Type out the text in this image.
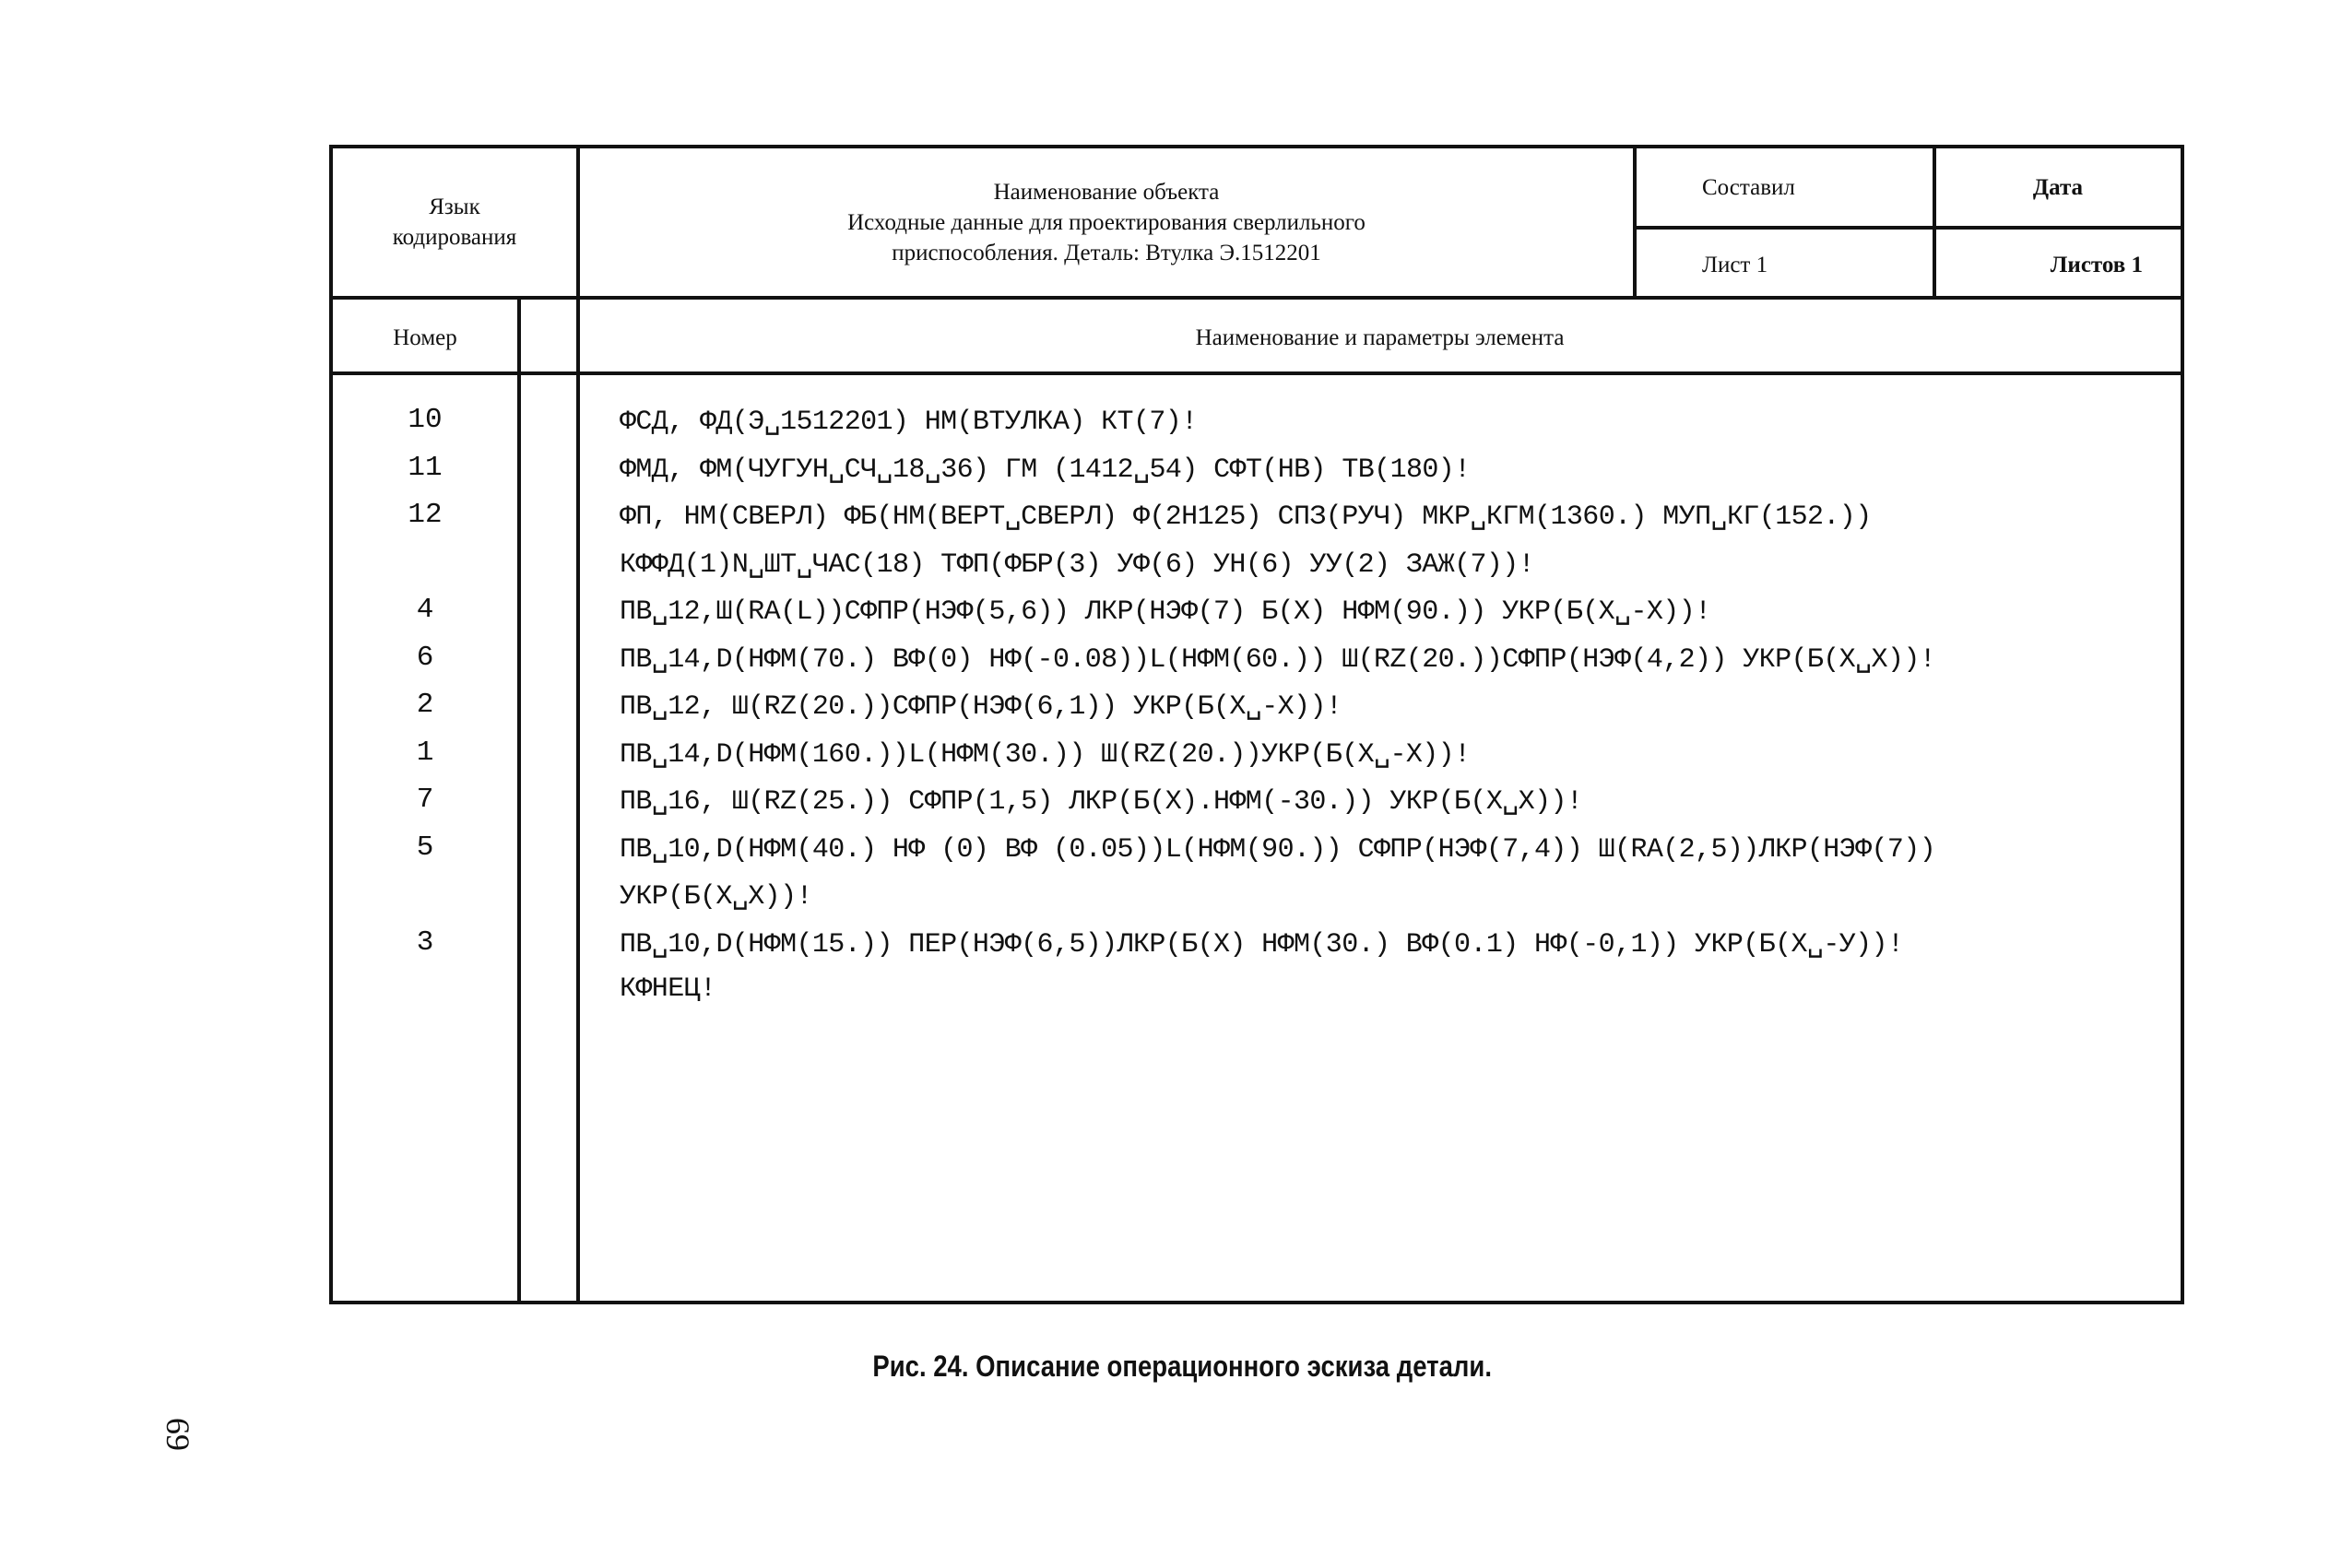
Язык
кодирования
Наименование объекта
Исходные данные для проектирования сверлильного
приспособления. Деталь: Втулка Э.1512201
Составил	Дата
Лист 1	Листов 1
Номер	Наименование и параметры элемента
10	ФСД, ФД(Э␣1512201) НМ(ВТУЛКА) КТ(7)!
11	ФМД, ФМ(ЧУГУН␣СЧ␣18␣36) ГМ (1412␣54) СФТ(НВ) ТВ(180)!
12	ФП, НМ(СВЕРЛ) ФБ(НМ(ВЕРТ␣СВЕРЛ) Ф(2Н125) СПЗ(РУЧ) МКР␣КГМ(1360.) МУП␣КГ(152.))
КФФД(1)N␣ШТ␣ЧАС(18) ТФП(ФБР(3) УФ(6) УН(6) УУ(2) ЗАЖ(7))!
4	ПВ␣12,Ш(RA(L))СФПР(НЭФ(5,6)) ЛКР(НЭФ(7) Б(Х) НФМ(90.)) УКР(Б(Х␣-Х))!
6	ПВ␣14,D(НФМ(70.) ВФ(0) НФ(-0.08))L(НФМ(60.)) Ш(RZ(20.))СФПР(НЭФ(4,2)) УКР(Б(Х␣Х))!
2	ПВ␣12, Ш(RZ(20.))СФПР(НЭФ(6,1)) УКР(Б(Х␣-Х))!
1	ПВ␣14,D(НФМ(160.))L(НФМ(30.)) Ш(RZ(20.))УКР(Б(Х␣-Х))!
7	ПВ␣16, Ш(RZ(25.)) СФПР(1,5) ЛКР(Б(Х).НФМ(-30.)) УКР(Б(Х␣Х))!
5	ПВ␣10,D(НФМ(40.) НФ (0) ВФ (0.05))L(НФМ(90.)) СФПР(НЭФ(7,4)) Ш(RA(2,5))ЛКР(НЭФ(7))
УКР(Б(Х␣Х))!
3	ПВ␣10,D(НФМ(15.)) ПЕР(НЭФ(6,5))ЛКР(Б(Х) НФМ(30.) ВФ(0.1) НФ(-0,1)) УКР(Б(Х␣-У))!
КФНЕЦ!
Рис. 24. Описание операционного эскиза детали.
69
